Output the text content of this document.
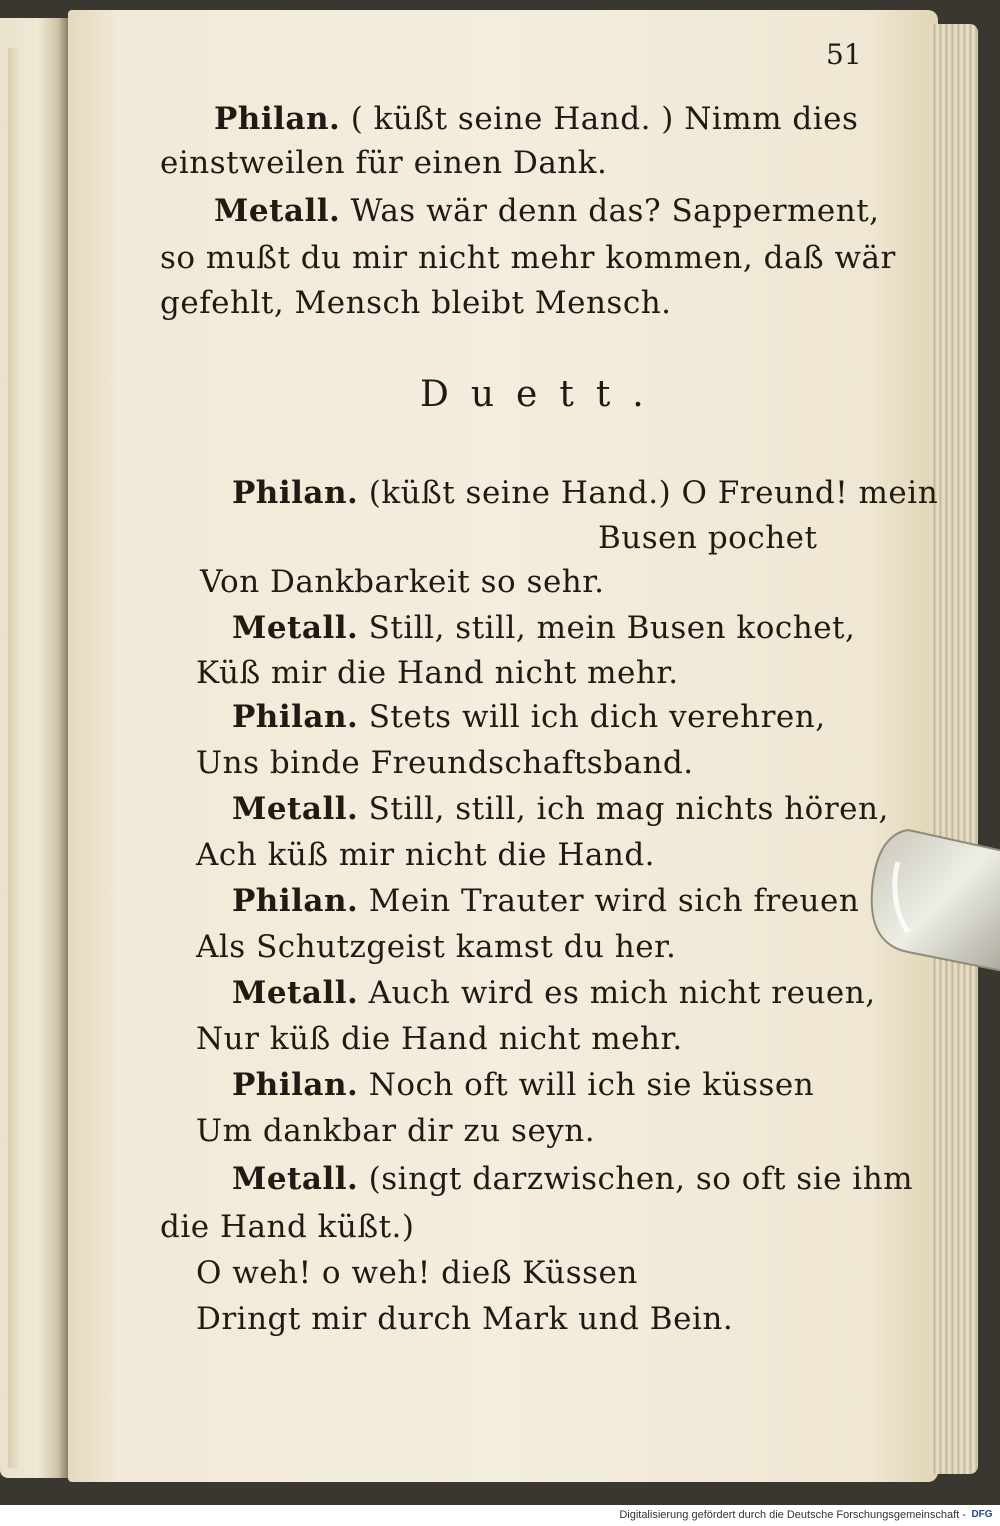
51
Philan. ( küßt seine Hand. ) Nimm dies
einstweilen für einen Dank.
Metall. Was wär denn das? Sapperment,
so mußt du mir nicht mehr kommen, daß wär
gefehlt, Mensch bleibt Mensch.
Duett.
Philan. (küßt seine Hand.) O Freund! mein
Busen pochet
Von Dankbarkeit so sehr.
Metall. Still, still, mein Busen kochet,
Küß mir die Hand nicht mehr.
Philan. Stets will ich dich verehren,
Uns binde Freundschaftsband.
Metall. Still, still, ich mag nichts hören,
Ach küß mir nicht die Hand.
Philan. Mein Trauter wird sich freuen
Als Schutzgeist kamst du her.
Metall. Auch wird es mich nicht reuen,
Nur küß die Hand nicht mehr.
Philan. Noch oft will ich sie küssen
Um dankbar dir zu seyn.
Metall. (singt darzwischen, so oft sie ihm
die Hand küßt.)
O weh! o weh! dieß Küssen
Dringt mir durch Mark und Bein.
Digitalisierung gefördert durch die Deutsche Forschungsgemeinschaft - DFG
